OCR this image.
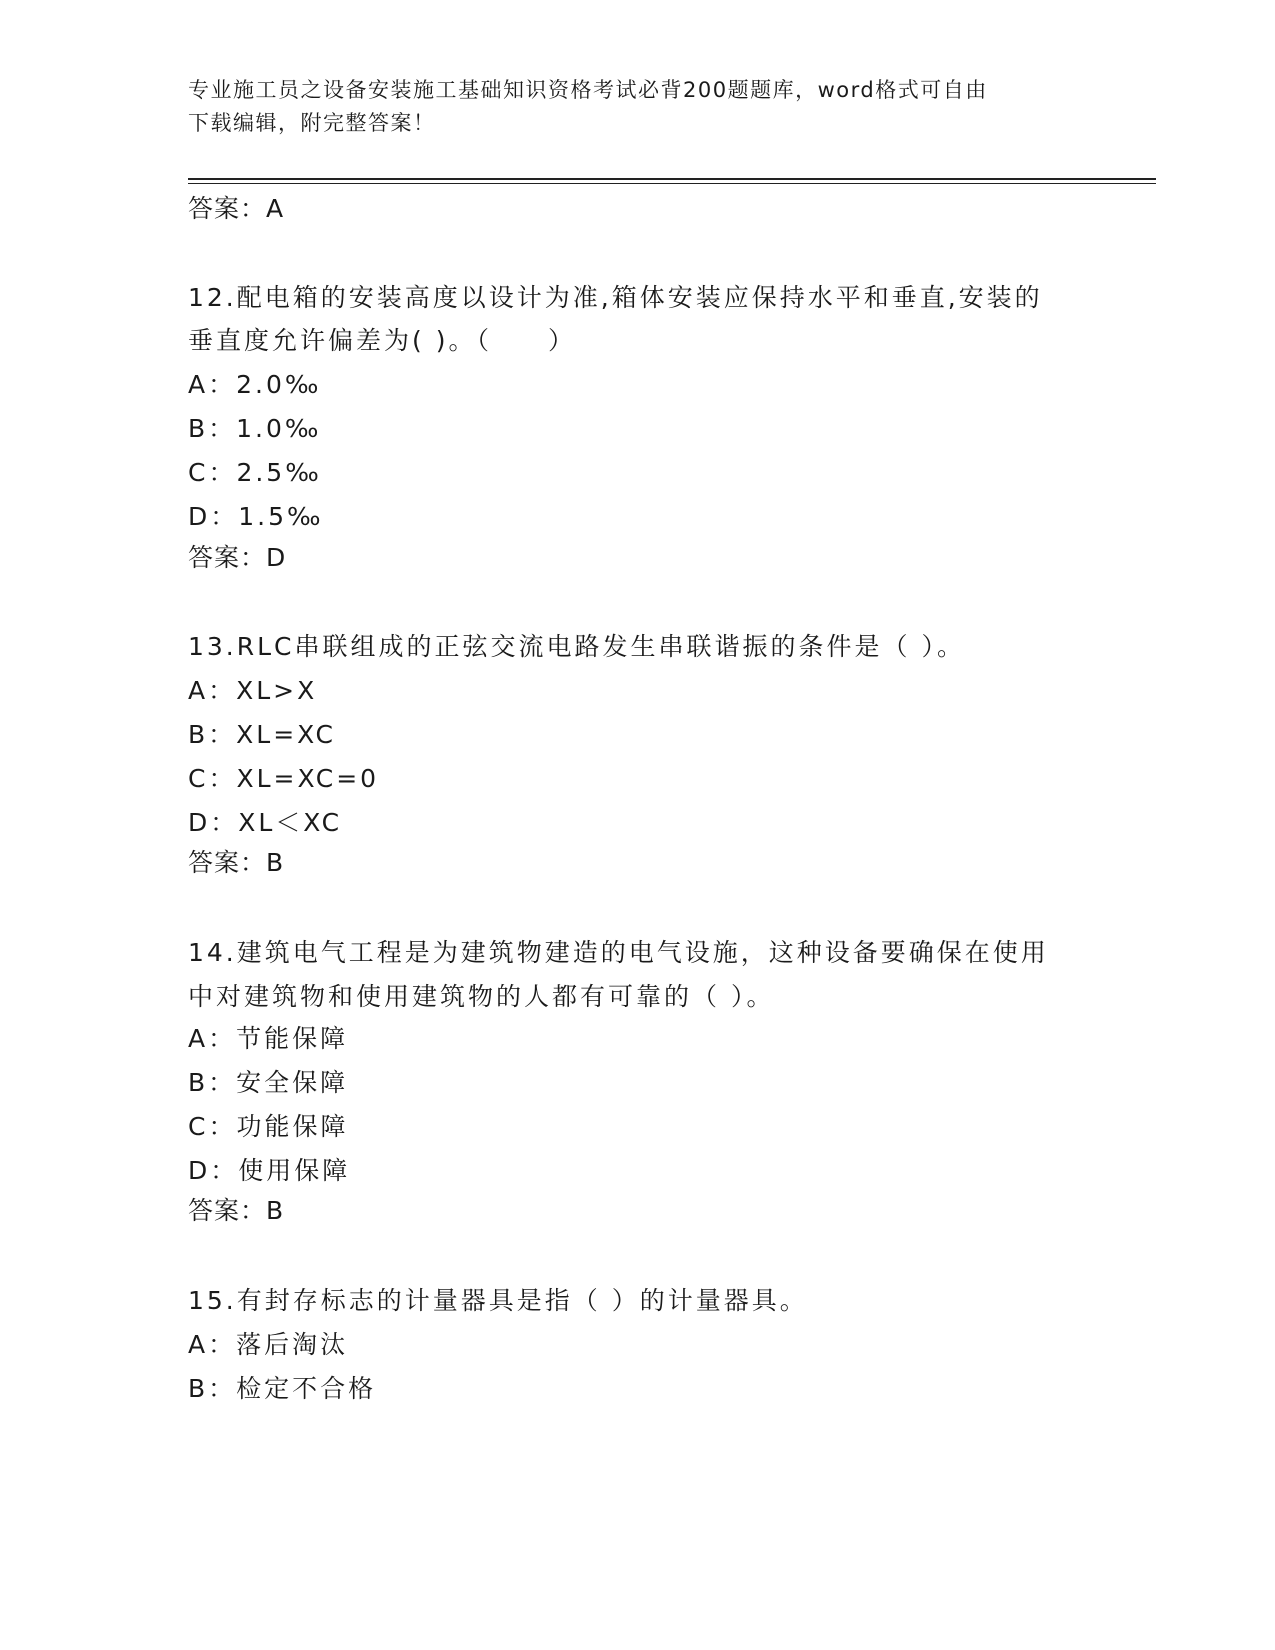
专业施工员之设备安装施工基础知识资格考试必背200题题库，word格式可自由
下载编辑，附完整答案！
答案：A
12.配电箱的安装高度以设计为准,箱体安装应保持水平和垂直,安装的
垂直度允许偏差为( )。（　　）
A：2.0‰
B：1.0‰
C：2.5‰
D：1.5‰
答案：D
13.RLC串联组成的正弦交流电路发生串联谐振的条件是（ ）。
A：XL>X
B：XL=XC
C：XL=XC=0
D：XL＜XC
答案：B
14.建筑电气工程是为建筑物建造的电气设施，这种设备要确保在使用
中对建筑物和使用建筑物的人都有可靠的（ ）。
A：节能保障
B：安全保障
C：功能保障
D：使用保障
答案：B
15.有封存标志的计量器具是指（ ）的计量器具。
A：落后淘汰
B：检定不合格
